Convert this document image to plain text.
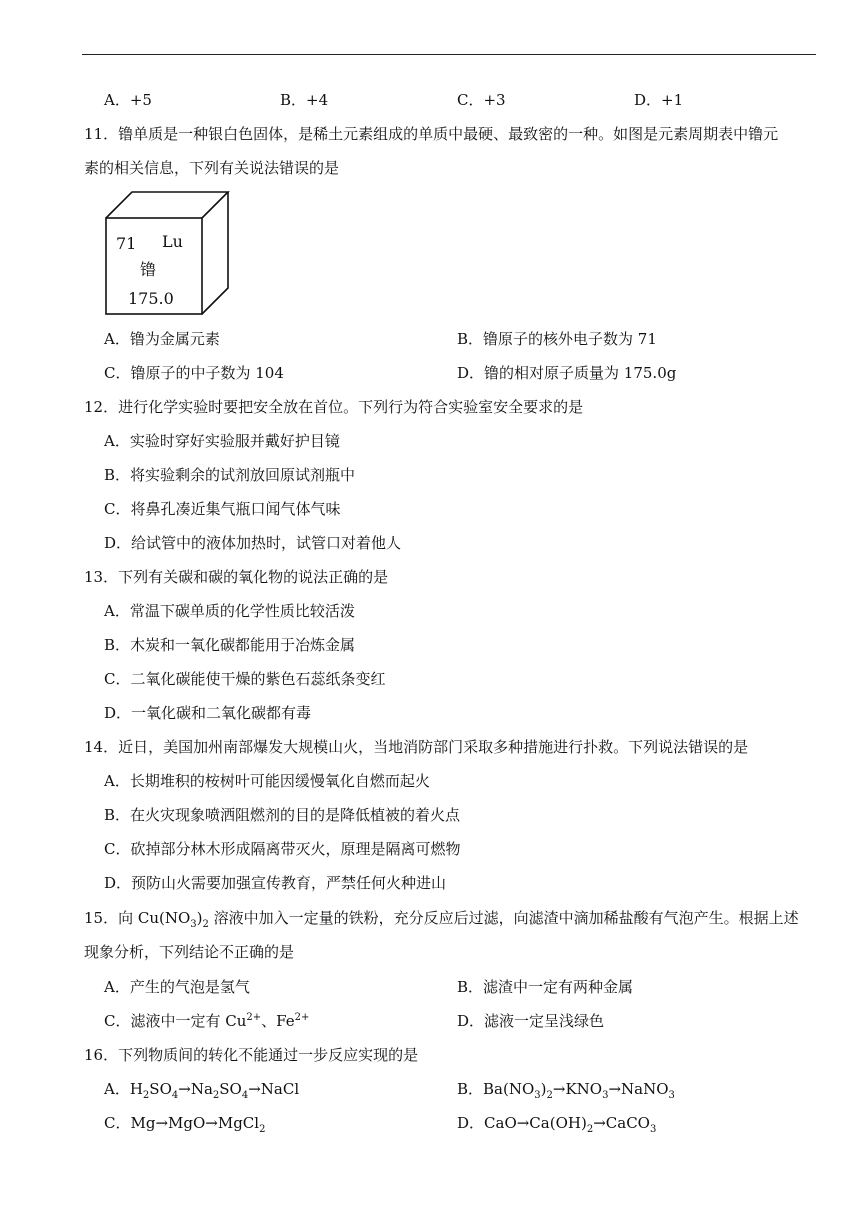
A．+5	B．+4	C．+3	D．+1
11．镥单质是一种银白色固体，是稀土元素组成的单质中最硬、最致密的一种。如图是元素周期表中镥元
素的相关信息，下列有关说法错误的是
71 Lu
镥
175.0
A．镥为金属元素	B．镥原子的核外电子数为 71
C．镥原子的中子数为 104	D．镥的相对原子质量为 175.0g
12．进行化学实验时要把安全放在首位。下列行为符合实验室安全要求的是
A．实验时穿好实验服并戴好护目镜
B．将实验剩余的试剂放回原试剂瓶中
C．将鼻孔凑近集气瓶口闻气体气味
D．给试管中的液体加热时，试管口对着他人
13．下列有关碳和碳的氧化物的说法正确的是
A．常温下碳单质的化学性质比较活泼
B．木炭和一氧化碳都能用于冶炼金属
C．二氧化碳能使干燥的紫色石蕊纸条变红
D．一氧化碳和二氧化碳都有毒
14．近日，美国加州南部爆发大规模山火，当地消防部门采取多种措施进行扑救。下列说法错误的是
A．长期堆积的桉树叶可能因缓慢氧化自燃而起火
B．在火灾现象喷洒阻燃剂的目的是降低植被的着火点
C．砍掉部分林木形成隔离带灭火，原理是隔离可燃物
D．预防山火需要加强宣传教育，严禁任何火种进山
15．向 $Cu(NO_3)_2$ 溶液中加入一定量的铁粉，充分反应后过滤，向滤渣中滴加稀盐酸有气泡产生。根据上述
现象分析，下列结论不正确的是
A．产生的气泡是氢气	B．滤渣中一定有两种金属
C．滤液中一定有 $Cu^{2+}$、$Fe^{2+}$	D．滤液一定呈浅绿色
16．下列物质间的转化不能通过一步反应实现的是
A．$H_2SO_4\to Na_2SO_4\to NaCl$	B．$Ba(NO_3)_2\to KNO_3\to NaNO_3$
C．Mg→MgO→MgCl$_2$	D．$CaO\to Ca(OH)_2\to CaCO_3$
